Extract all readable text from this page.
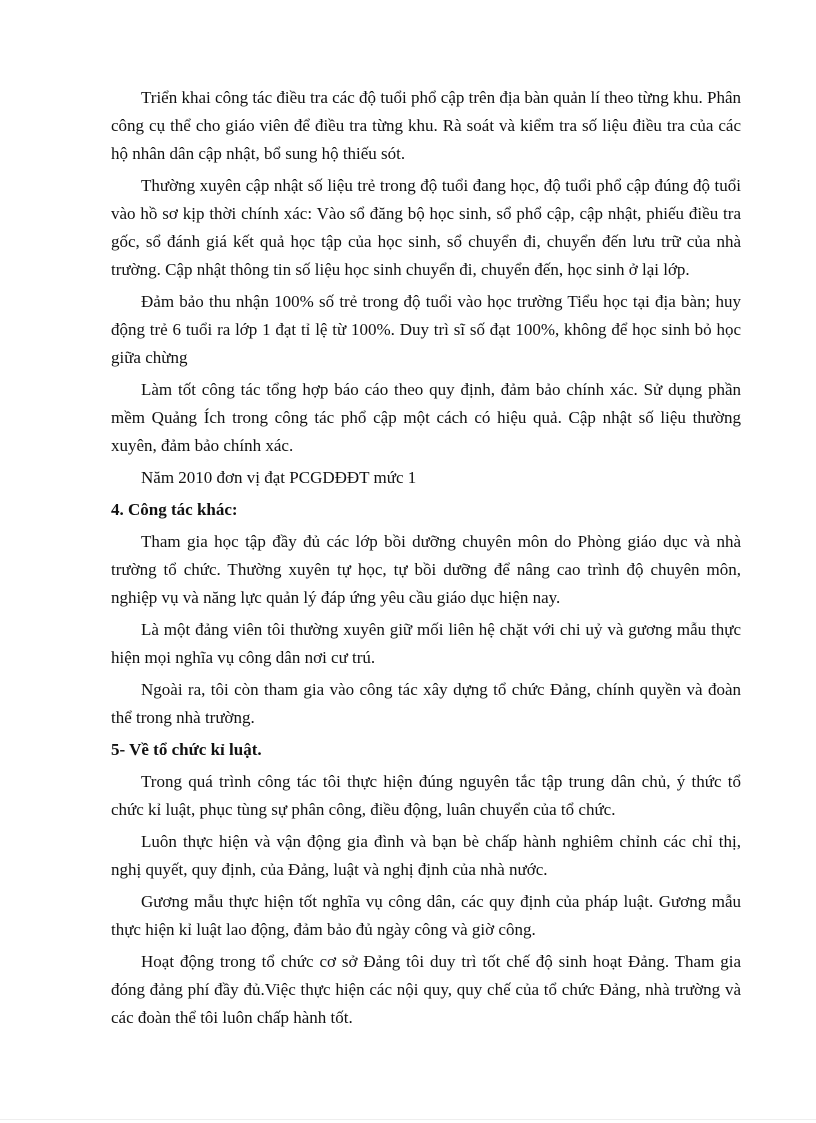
Triển khai công tác điều tra các độ tuổi phổ cập trên địa bàn quản lí theo từng khu. Phân công cụ thể cho giáo viên để điều tra từng khu. Rà soát và kiểm tra số liệu điều tra của các hộ nhân dân cập nhật, bổ sung hộ thiếu sót.

Thường xuyên cập nhật số liệu trẻ trong độ tuổi đang học, độ tuổi phổ cập đúng độ tuổi vào hồ sơ kịp thời chính xác: Vào sổ đăng bộ học sinh, sổ phổ cập, cập nhật, phiếu điều tra gốc, sổ đánh giá kết quả học tập của học sinh, sổ chuyển đi, chuyển đến lưu trữ của nhà trường. Cập nhật thông tin số liệu học sinh chuyển đi, chuyển đến, học sinh ở lại lớp.

Đảm bảo thu nhận 100% số trẻ trong độ tuổi vào học trường Tiểu học tại địa bàn; huy động trẻ 6 tuổi ra lớp 1 đạt tỉ lệ từ 100%. Duy trì sĩ số đạt 100%, không để học sinh bỏ học giữa chừng

Làm tốt công tác tổng hợp báo cáo theo quy định, đảm bảo chính xác. Sử dụng phần mềm Quảng Ích trong công tác phổ cập một cách có hiệu quả. Cập nhật số liệu thường xuyên, đảm bảo chính xác.

Năm 2010 đơn vị đạt PCGDĐĐT mức 1

4. Công tác khác:

Tham gia học tập đầy đủ các lớp bồi dưỡng chuyên môn do Phòng giáo dục và nhà trường tổ chức. Thường xuyên tự học, tự bồi dưỡng để nâng cao trình độ chuyên môn, nghiệp vụ và năng lực quản lý đáp ứng yêu cầu giáo dục hiện nay.

Là một đảng viên tôi thường xuyên giữ mối liên hệ chặt với chi uỷ và gương mẫu thực hiện mọi nghĩa vụ công dân nơi cư trú.

Ngoài ra, tôi còn tham gia vào công tác xây dựng tổ chức Đảng, chính quyền và đoàn thể trong nhà trường.

5- Về tổ chức kỉ luật.

Trong quá trình công tác tôi thực hiện đúng nguyên tắc tập trung dân chủ, ý thức tổ chức kỉ luật, phục tùng sự phân công, điều động, luân chuyển của tổ chức.

Luôn thực hiện và vận động gia đình và bạn bè chấp hành nghiêm chỉnh các chỉ thị, nghị quyết, quy định, của Đảng, luật và nghị định của nhà nước.

Gương mẫu thực hiện tốt nghĩa vụ công dân, các quy định của pháp luật. Gương mẫu thực hiện kỉ luật lao động, đảm bảo đủ ngày công và giờ công.

Hoạt động trong tổ chức cơ sở Đảng tôi duy trì tốt chế độ sinh hoạt Đảng. Tham gia đóng đảng phí đầy đủ.Việc thực hiện các nội quy, quy chế của tổ chức Đảng, nhà trường và các đoàn thể tôi luôn chấp hành tốt.
